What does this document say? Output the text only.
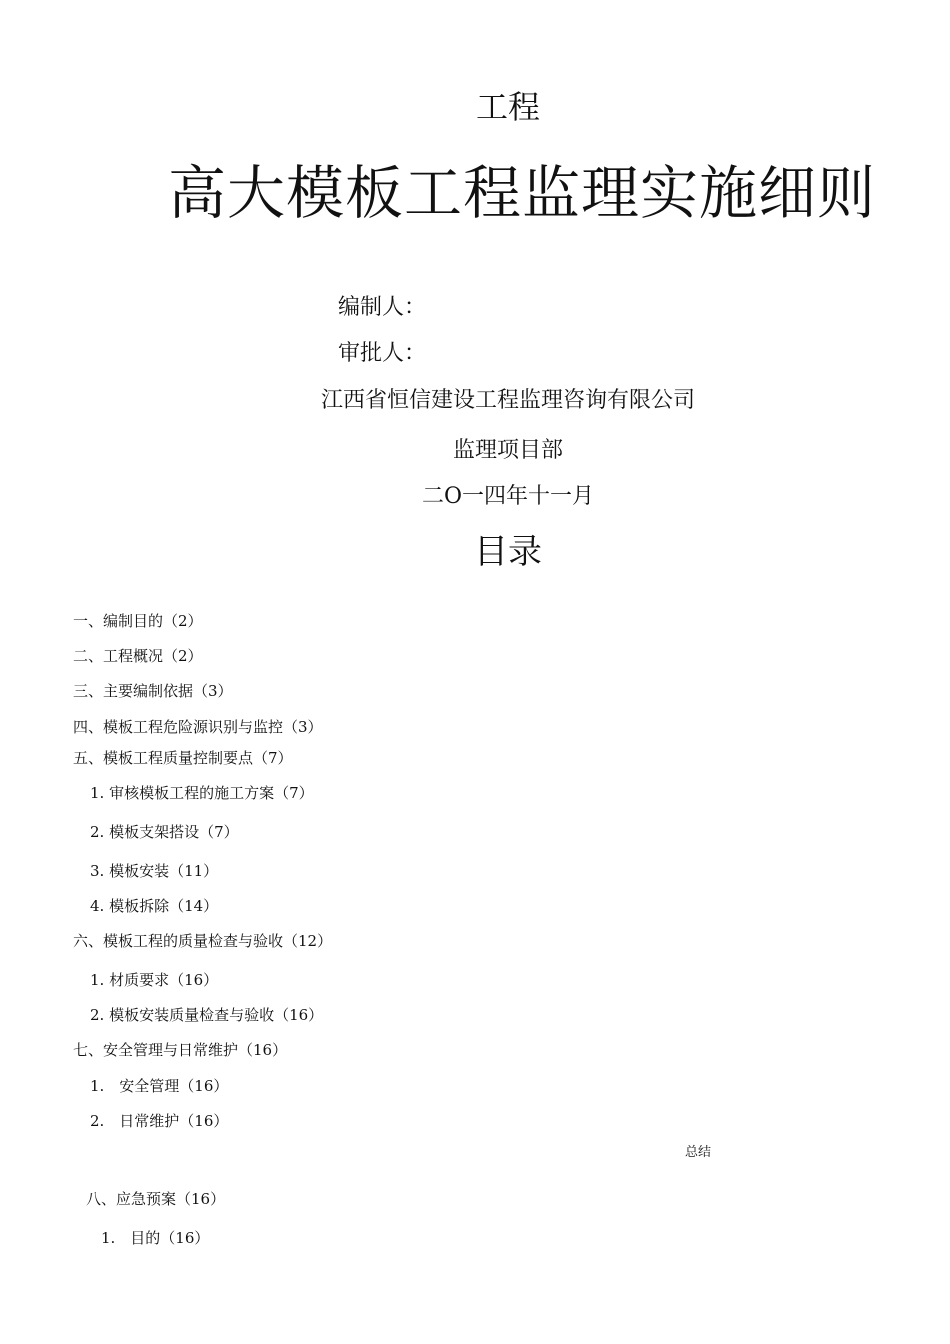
工程
高大模板工程监理实施细则
编制人：
审批人：
江西省恒信建设工程监理咨询有限公司
监理项目部
二O一四年十一月
目录
一、编制目的（2）
二、工程概况（2）
三、主要编制依据（3）
四、模板工程危险源识别与监控（3）
五、模板工程质量控制要点（7）
1. 审核模板工程的施工方案（7）
2. 模板支架搭设（7）
3. 模板安装（11）
4. 模板拆除（14）
六、模板工程的质量检查与验收（12）
1. 材质要求（16）
2. 模板安装质量检查与验收（16）
七、安全管理与日常维护（16）
1.　安全管理（16）
2.　日常维护（16）
总结
八、应急预案（16）
1.　目的（16）
